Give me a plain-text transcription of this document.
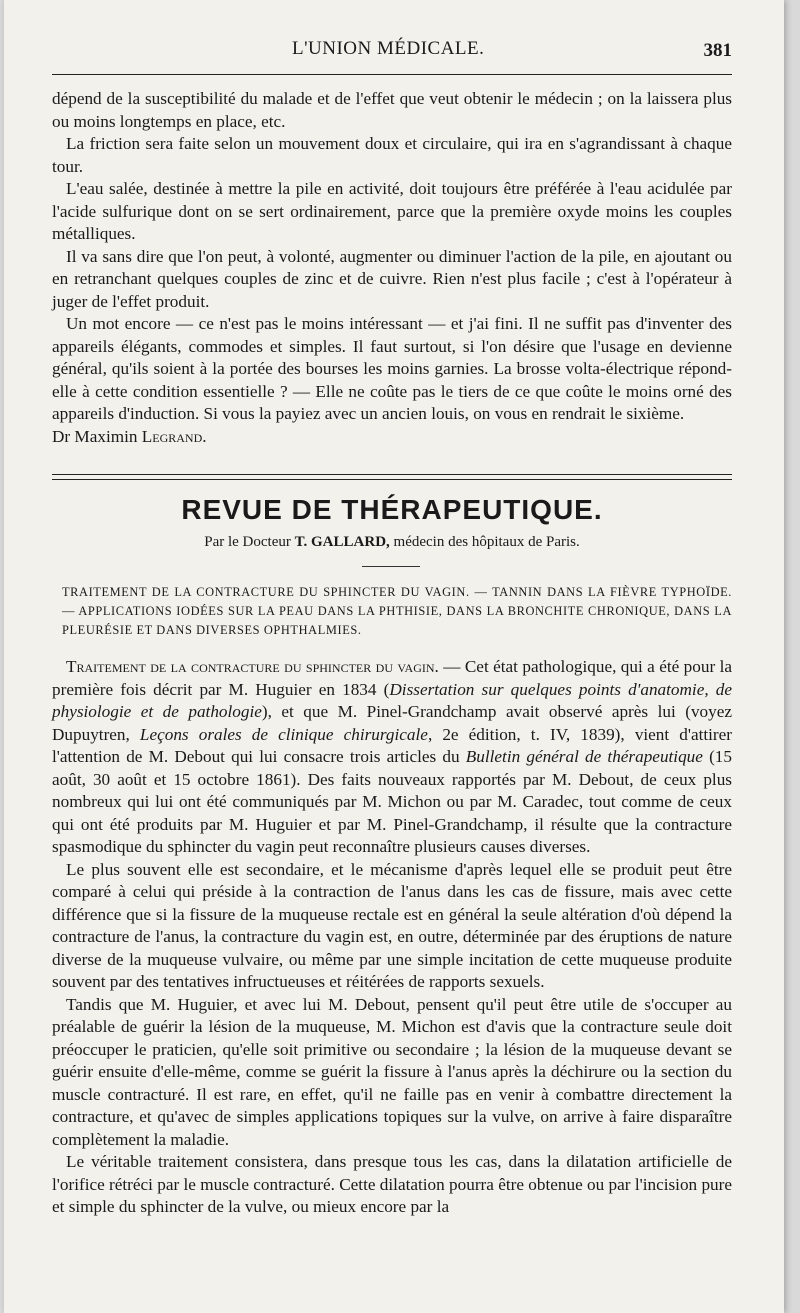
L'UNION MÉDICALE.	381

dépend de la susceptibilité du malade et de l'effet que veut obtenir le médecin ; on la laissera plus ou moins longtemps en place, etc.

La friction sera faite selon un mouvement doux et circulaire, qui ira en s'agrandissant à chaque tour.

L'eau salée, destinée à mettre la pile en activité, doit toujours être préférée à l'eau acidulée par l'acide sulfurique dont on se sert ordinairement, parce que la première oxyde moins les couples métalliques.

Il va sans dire que l'on peut, à volonté, augmenter ou diminuer l'action de la pile, en ajoutant ou en retranchant quelques couples de zinc et de cuivre. Rien n'est plus facile ; c'est à l'opérateur à juger de l'effet produit.

Un mot encore — ce n'est pas le moins intéressant — et j'ai fini. Il ne suffit pas d'inventer des appareils élégants, commodes et simples. Il faut surtout, si l'on désire que l'usage en devienne général, qu'ils soient à la portée des bourses les moins garnies. La brosse volta-électrique répond-elle à cette condition essentielle ? — Elle ne coûte pas le tiers de ce que coûte le moins orné des appareils d'induction. Si vous la payiez avec un ancien louis, on vous en rendrait le sixième.

Dr Maximin Legrand.

REVUE DE THÉRAPEUTIQUE.
Par le Docteur T. GALLARD, médecin des hôpitaux de Paris.
TRAITEMENT DE LA CONTRACTURE DU SPHINCTER DU VAGIN. — TANNIN DANS LA FIÈVRE TYPHOÏDE. — APPLICATIONS IODÉES SUR LA PEAU DANS LA PHTHISIE, DANS LA BRONCHITE CHRONIQUE, DANS LA PLEURÉSIE ET DANS DIVERSES OPHTHALMIES.

Traitement de la contracture du sphincter du vagin. — Cet état pathologique, qui a été pour la première fois décrit par M. Huguier en 1834 (Dissertation sur quelques points d'anatomie, de physiologie et de pathologie), et que M. Pinel-Grandchamp avait observé après lui (voyez Dupuytren, Leçons orales de clinique chirurgicale, 2e édition, t. IV, 1839), vient d'attirer l'attention de M. Debout qui lui consacre trois articles du Bulletin général de thérapeutique (15 août, 30 août et 15 octobre 1861). Des faits nouveaux rapportés par M. Debout, de ceux plus nombreux qui lui ont été communiqués par M. Michon ou par M. Caradec, tout comme de ceux qui ont été produits par M. Huguier et par M. Pinel-Grandchamp, il résulte que la contracture spasmodique du sphincter du vagin peut reconnaître plusieurs causes diverses.

Le plus souvent elle est secondaire, et le mécanisme d'après lequel elle se produit peut être comparé à celui qui préside à la contraction de l'anus dans les cas de fissure, mais avec cette différence que si la fissure de la muqueuse rectale est en général la seule altération d'où dépend la contracture de l'anus, la contracture du vagin est, en outre, déterminée par des éruptions de nature diverse de la muqueuse vulvaire, ou même par une simple incitation de cette muqueuse produite souvent par des tentatives infructueuses et réitérées de rapports sexuels.

Tandis que M. Huguier, et avec lui M. Debout, pensent qu'il peut être utile de s'occuper au préalable de guérir la lésion de la muqueuse, M. Michon est d'avis que la contracture seule doit préoccuper le praticien, qu'elle soit primitive ou secondaire ; la lésion de la muqueuse devant se guérir ensuite d'elle-même, comme se guérit la fissure à l'anus après la déchirure ou la section du muscle contracturé. Il est rare, en effet, qu'il ne faille pas en venir à combattre directement la contracture, et qu'avec de simples applications topiques sur la vulve, on arrive à faire disparaître complètement la maladie.

Le véritable traitement consistera, dans presque tous les cas, dans la dilatation artificielle de l'orifice rétréci par le muscle contracturé. Cette dilatation pourra être obtenue ou par l'incision pure et simple du sphincter de la vulve, ou mieux encore par la
